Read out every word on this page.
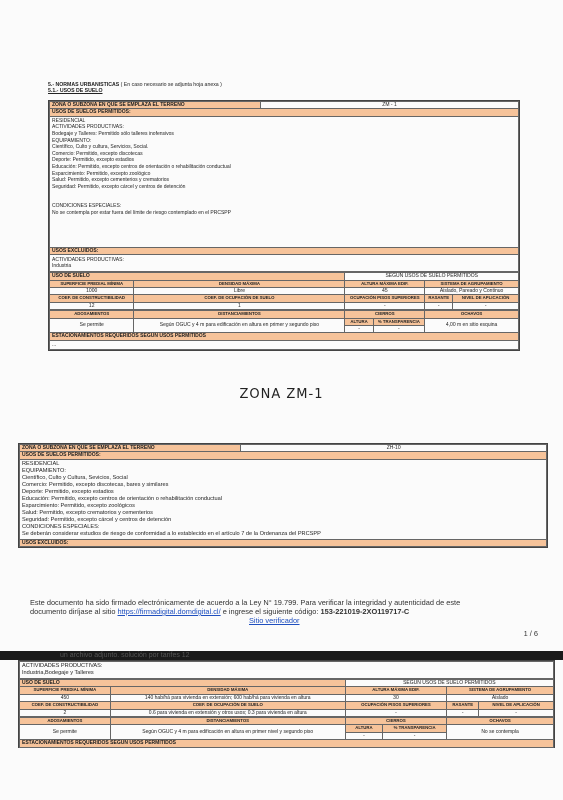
5.- NORMAS URBANISTICAS ( En caso necesario se adjunta hoja anexa )
5.1.- USOS DE SUELO
ZONA O SUBZONA EN QUE SE EMPLAZA EL TERRENO	ZM - 1
USOS DE SUELOS PERMITIDOS:

RESIDENCIAL
ACTIVIDADES PRODUCTIVAS:
Bodegaje y Talleres: Permitido sólo talleres inofensivos
EQUIPAMIENTO:
Científico, Culto y cultura, Servicios, Social.
Comercio: Permitido, excepto discotecas
Deporte: Permitido, excepto estadios
Educación: Permitido, excepto centros de orientación o rehabilitación conductual
Esparcimiento: Permitido, excepto zoológico
Salud: Permitido, excepto cementerios y crematorios
Seguridad: Permitido, excepto cárcel y centros de detención
CONDICIONES ESPECIALES:
No se contempla por estar fuera del límite de riesgo contemplado en el PRCSPP

USOS EXCLUIDOS:

ACTIVIDADES PRODUCTIVAS:
Industria
USO DE SUELO		SEGÚN USOS DE SUELO PERMITIDOS		
SUPERFICIE PREDIAL MÍNIMA	DENSIDAD MÁXIMA	ALTURA MÁXIMA EDIF.	SISTEMA DE AGRUPAMIENTO	
1000	Libre	45	Aislado, Pareado y Continuo	
COEF. DE CONSTRUCTIBILIDAD	COEF. DE OCUPACIÓN DE SUELO	OCUPACIÓN PISOS SUPERIORES	RASANTE	NIVEL DE APLICACIÓN
12	1	-	-	-
ADOSAMIENTOS	DISTANCIAMIENTOS	CIERROS		OCHAVOS
Se permite	Según OGUC y 4 m para edificación en altura en primer y segundo piso	ALTURA	% TRANSPARENCIA	4,00 m en sitio esquina
		-	-	
ESTACIONAMIENTOS REQUERIDOS SEGÚN USOS PERMITIDOS				
...				
ZONA ZM-1
ZONA O SUBZONA EN QUE SE EMPLAZA EL TERRENO	ZH-10
USOS DE SUELOS PERMITIDOS:

RESIDENCIAL
EQUIPAMIENTO:
Científico, Culto y Cultura, Sevicios, Social
Comercio: Permitido, excepto discotecas, bares y similares
Deporte: Permitido, excepto estadios
Educación: Permitido, excepto centros de orientación o rehabilitación conductual
Esparcimiento: Permitido, excepto zoológicos
Salud: Permitido, excepto crematorios y cementerios
Seguridad: Permitido, excepto cárcel y centros de detención
CONDICIONES ESPECIALES:
Se deberán considerar estudios de riesgo de conformidad a lo establecido en el artículo 7 de la Ordenanza del PRCSPP

USOS EXCLUIDOS:
Este documento ha sido firmado electrónicamente de acuerdo a la Ley N° 19.799. Para verificar la integridad y autenticidad de este
documento diríjase al sitio https://firmadigital.domdigital.cl/ e ingrese el siguiente código: 153-221019-2XO119717-C
Sitio verificador
1 / 6
un archivo adjunto. solución por tarifes 12
ACTIVIDADES PRODUCTIVAS:
Industria,Bodegaje y Talleres
USO DE SUELO		SEGÚN USOS DE SUELO PERMITIDOS		
SUPERFICIE PREDIAL MÍNIMA	DENSIDAD MÁXIMA	ALTURA MÁXIMA EDIF.	SISTEMA DE AGRUPAMIENTO	
450	140 hab/há para vivienda en extensión; 600 hab/há para vivienda en altura	30	Aislado	
COEF. DE CONSTRUCTIBILIDAD	COEF. DE OCUPACIÓN DE SUELO	OCUPACIÓN PISOS SUPERIORES	RASANTE	NIVEL DE APLICACIÓN
2	0.6 para vivienda en extensión y otros usos; 0.3 para vivienda en altura	-	-	-
ADOSAMIENTOS	DISTANCIAMIENTOS	CIERROS		OCHAVOS
Se permite	Según OGUC y 4 m para edificación en altura en primer nivel y segundo piso	ALTURA	% TRANSPARENCIA	No se contempla
		-	-	
ESTACIONAMIENTOS REQUERIDOS SEGÚN USOS PERMITIDOS				
